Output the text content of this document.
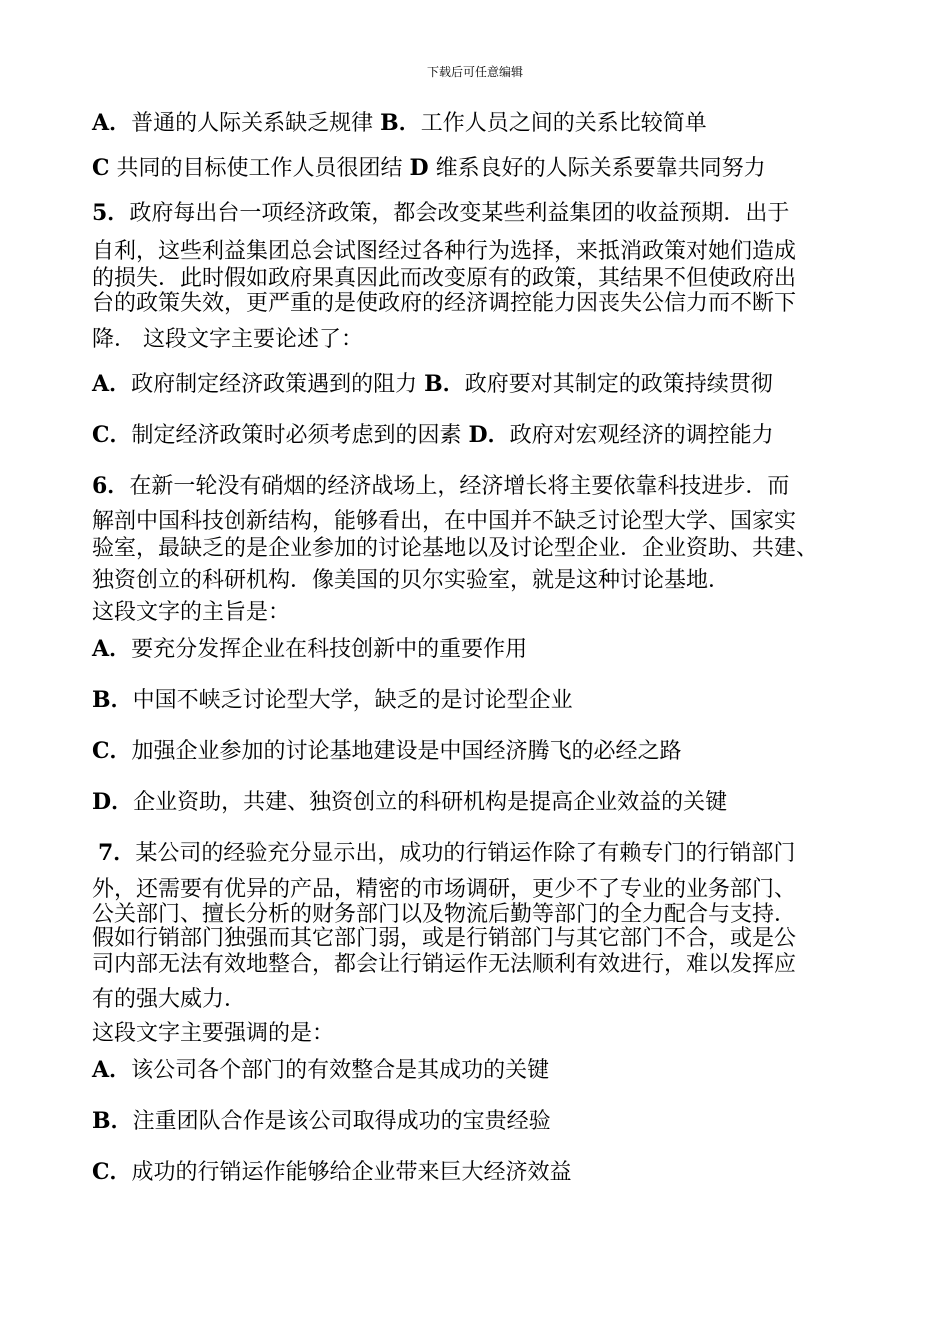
下载后可任意编辑
A．普通的人际关系缺乏规律 B．工作人员之间的关系比较简单
C 共同的目标使工作人员很团结 D 维系良好的人际关系要靠共同努力
5．政府每出台一项经济政策，都会改变某些利益集团的收益预期．出于
自利，这些利益集团总会试图经过各种行为选择，来抵消政策对她们造成
的损失．此时假如政府果真因此而改变原有的政策，其结果不但使政府出
台的政策失效，更严重的是使政府的经济调控能力因丧失公信力而不断下
降． 这段文字主要论述了：
A．政府制定经济政策遇到的阻力 B．政府要对其制定的政策持续贯彻
C．制定经济政策时必须考虑到的因素 D．政府对宏观经济的调控能力
6．在新一轮没有硝烟的经济战场上，经济增长将主要依靠科技进步．而
解剖中国科技创新结构，能够看出，在中国并不缺乏讨论型大学、国家实
验室，最缺乏的是企业参加的讨论基地以及讨论型企业．企业资助、共建、
独资创立的科研机构．像美国的贝尔实验室，就是这种讨论基地．
这段文字的主旨是：
A．要充分发挥企业在科技创新中的重要作用
B．中国不峡乏讨论型大学，缺乏的是讨论型企业
C．加强企业参加的讨论基地建设是中国经济腾飞的必经之路
D．企业资助，共建、独资创立的科研机构是提高企业效益的关键
7．某公司的经验充分显示出，成功的行销运作除了有赖专门的行销部门
外，还需要有优异的产品，精密的市场调研，更少不了专业的业务部门、
公关部门、擅长分析的财务部门以及物流后勤等部门的全力配合与支持．
假如行销部门独强而其它部门弱，或是行销部门与其它部门不合，或是公
司内部无法有效地整合，都会让行销运作无法顺利有效进行，难以发挥应
有的强大威力．
这段文字主要强调的是：
A．该公司各个部门的有效整合是其成功的关键
B．注重团队合作是该公司取得成功的宝贵经验
C．成功的行销运作能够给企业带来巨大经济效益
